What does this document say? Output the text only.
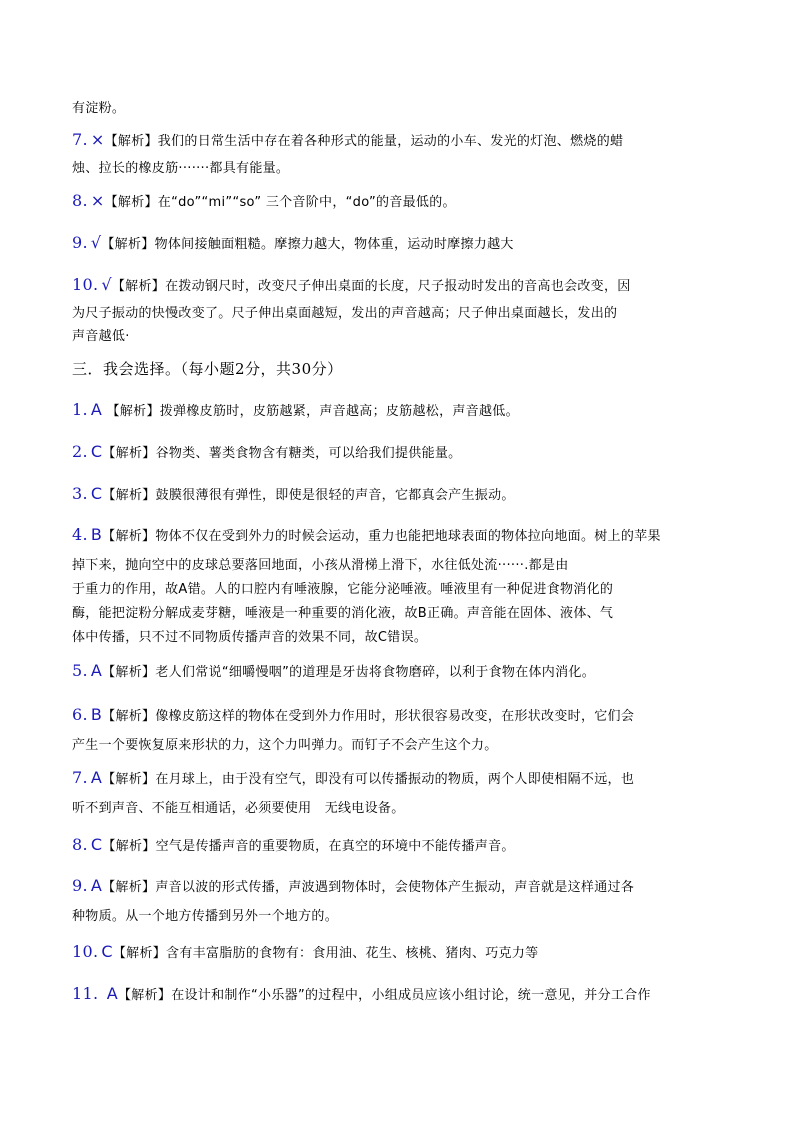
有淀粉。
7. ×【解析】我们的日常生活中存在着各种形式的能量，运动的小车、发光的灯泡、燃烧的蜡
烛、拉长的橡皮筋·······都具有能量。
8. ×【解析】在“do”“mi”“so” 三个音阶中，“do”的音最低的。
9. √【解析】物体间接触面粗糙。摩擦力越大，物体重，运动时摩擦力越大
10. √【解析】在拨动钢尺时，改变尺子伸出桌面的长度，尺子报动时发出的音高也会改变，因
为尺子振动的快慢改变了。尺子伸出桌面越短，发出的声音越高；尺子伸出桌面越长，发出的
声音越低·
三．我会选择。（每小题2分，共30分）
1. A 【解析】拨弹橡皮筋时，皮筋越紧，声音越高；皮筋越松，声音越低。
2. C【解析】谷物类、薯类食物含有糖类，可以给我们提供能量。
3. C【解析】鼓膜很薄很有弹性，即使是很轻的声音，它都真会产生振动。
4. B【解析】物体不仅在受到外力的时候会运动，重力也能把地球表面的物体拉向地面。树上的苹果
掉下来，抛向空中的皮球总要落回地面，小孩从滑梯上滑下，水往低处流······.都是由
于重力的作用，故A错。人的口腔内有唾液腺，它能分泌唾液。唾液里有一种促进食物消化的
酶，能把淀粉分解成麦芽糖，唾液是一种重要的消化液，故B正确。声音能在固体、液体、气
体中传播，只不过不同物质传播声音的效果不同，故C错误。
5. A【解析】老人们常说“细嚼慢咽”的道理是牙齿将食物磨碎，以利于食物在体内消化。
6. B【解析】像橡皮筋这样的物体在受到外力作用时，形状很容易改变，在形状改变时，它们会
产生一个要恢复原来形状的力，这个力叫弹力。而钉子不会产生这个力。
7. A【解析】在月球上，由于没有空气，即没有可以传播振动的物质，两个人即使相隔不远，也
听不到声音、不能互相通话，必须要使用　无线电设备。
8. C【解析】空气是传播声音的重要物质，在真空的环境中不能传播声音。
9. A【解析】声音以波的形式传播，声波遇到物体时，会使物体产生振动，声音就是这样通过各
种物质。从一个地方传播到另外一个地方的。
10. C【解析】含有丰富脂肪的食物有：食用油、花生、核桃、猪肉、巧克力等
11. A【解析】在设计和制作“小乐器”的过程中，小组成员应该小组讨论，统一意见，并分工合作
